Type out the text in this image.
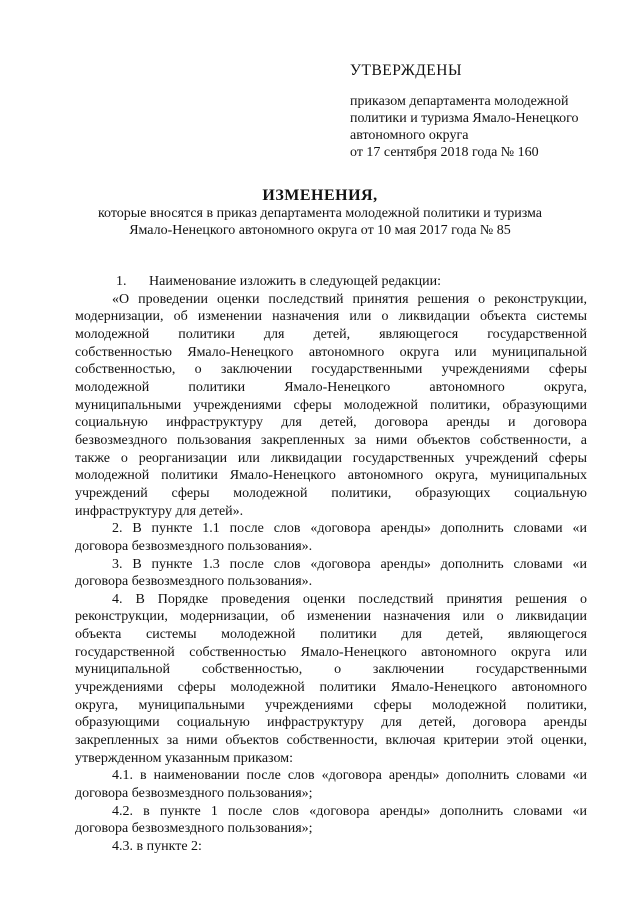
УТВЕРЖДЕНЫ
приказом департамента молодежной
политики и туризма Ямало-Ненецкого
автономного округа
от 17 сентября 2018 года № 160
ИЗМЕНЕНИЯ,
которые вносятся в приказ департамента молодежной политики и туризма
Ямало-Ненецкого автономного округа от 10 мая 2017 года № 85
1. Наименование изложить в следующей редакции:
«О проведении оценки последствий принятия решения о реконструкции,
модернизации, об изменении назначения или о ликвидации объекта системы
молодежной политики для детей, являющегося государственной
собственностью Ямало-Ненецкого автономного округа или муниципальной
собственностью, о заключении государственными учреждениями сферы
молодежной политики Ямало-Ненецкого автономного округа,
муниципальными учреждениями сферы молодежной политики, образующими
социальную инфраструктуру для детей, договора аренды и договора
безвозмездного пользования закрепленных за ними объектов собственности, а
также о реорганизации или ликвидации государственных учреждений сферы
молодежной политики Ямало-Ненецкого автономного округа, муниципальных
учреждений сферы молодежной политики, образующих социальную
инфраструктуру для детей».
2. В пункте 1.1 после слов «договора аренды» дополнить словами «и
договора безвозмездного пользования».
3. В пункте 1.3 после слов «договора аренды» дополнить словами «и
договора безвозмездного пользования».
4. В Порядке проведения оценки последствий принятия решения о
реконструкции, модернизации, об изменении назначения или о ликвидации
объекта системы молодежной политики для детей, являющегося
государственной собственностью Ямало-Ненецкого автономного округа или
муниципальной собственностью, о заключении государственными
учреждениями сферы молодежной политики Ямало-Ненецкого автономного
округа, муниципальными учреждениями сферы молодежной политики,
образующими социальную инфраструктуру для детей, договора аренды
закрепленных за ними объектов собственности, включая критерии этой оценки,
утвержденном указанным приказом:
4.1. в наименовании после слов «договора аренды» дополнить словами «и
договора безвозмездного пользования»;
4.2. в пункте 1 после слов «договора аренды» дополнить словами «и
договора безвозмездного пользования»;
4.3. в пункте 2:
